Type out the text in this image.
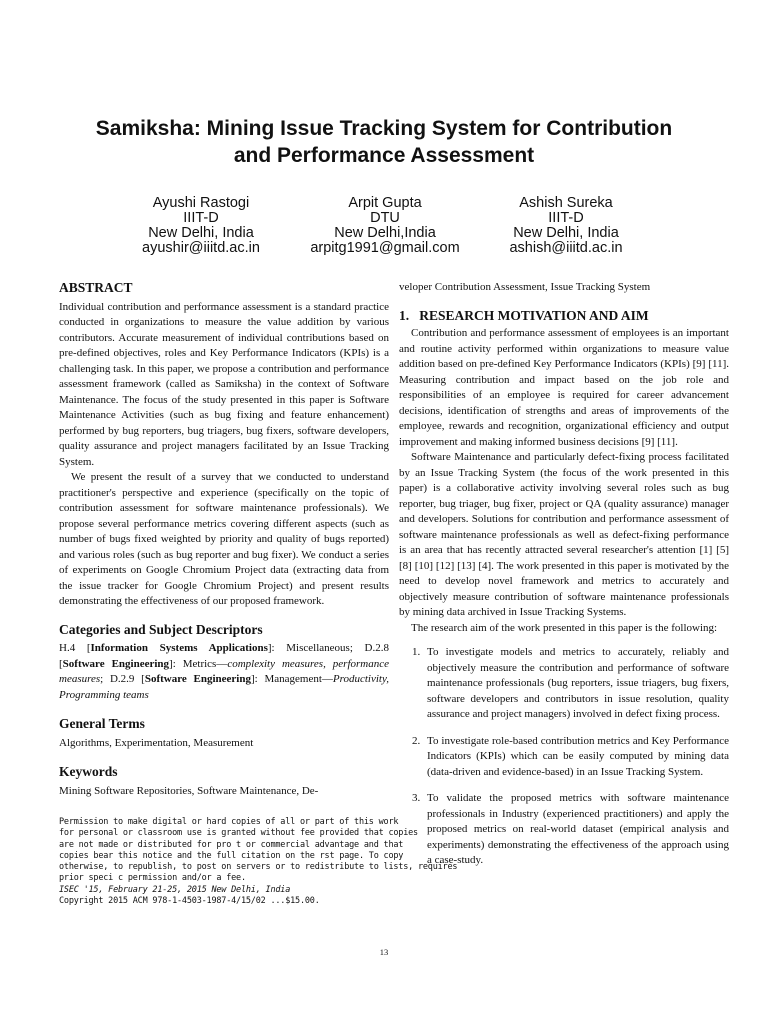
Samiksha: Mining Issue Tracking System for Contribution
and Performance Assessment
Ayushi Rastogi
IIIT-D
New Delhi, India
ayushir@iiitd.ac.in
Arpit Gupta
DTU
New Delhi,India
arpitg1991@gmail.com
Ashish Sureka
IIIT-D
New Delhi, India
ashish@iiitd.ac.in
ABSTRACT

Individual contribution and performance assessment is a standard practice conducted in organizations to measure the value addition by various contributors. Accurate measurement of individual contributions based on pre-defined objectives, roles and Key Performance Indicators (KPIs) is a challenging task. In this paper, we propose a contribution and performance assessment framework (called as Samiksha) in the context of Software Maintenance. The focus of the study presented in this paper is Software Maintenance Activities (such as bug fixing and feature enhancement) performed by bug reporters, bug triagers, bug fixers, software developers, quality assurance and project managers facilitated by an Issue Tracking System.

We present the result of a survey that we conducted to understand practitioner's perspective and experience (specifically on the topic of contribution assessment for software maintenance professionals). We propose several performance metrics covering different aspects (such as number of bugs fixed weighted by priority and quality of bugs reported) and various roles (such as bug reporter and bug fixer). We conduct a series of experiments on Google Chromium Project data (extracting data from the issue tracker for Google Chromium Project) and present results demonstrating the effectiveness of our proposed framework.

Categories and Subject Descriptors

H.4 [Information Systems Applications]: Miscellaneous; D.2.8 [Software Engineering]: Metrics—complexity measures, performance measures; D.2.9 [Software Engineering]: Management—Productivity, Programming teams

General Terms

Algorithms, Experimentation, Measurement

Keywords

Mining Software Repositories, Software Maintenance, De-

Permission to make digital or hard copies of all or part of this work
for personal or classroom use is granted without fee provided that copies
are not made or distributed for pro t or commercial advantage and that
copies bear this notice and the full citation on the rst page. To copy
otherwise, to republish, to post on servers or to redistribute to lists, requires
prior speci c permission and/or a fee.
ISEC '15, February 21-25, 2015 New Delhi, India
Copyright 2015 ACM 978-1-4503-1987-4/15/02 ...$15.00.

veloper Contribution Assessment, Issue Tracking System

1.   RESEARCH MOTIVATION AND AIM

Contribution and performance assessment of employees is an important and routine activity performed within organizations to measure value addition based on pre-defined Key Performance Indicators (KPIs) [9] [11]. Measuring contribution and impact based on the job role and responsibilities of an employee is required for career advancement decisions, identification of strengths and areas of improvements of the employee, rewards and recognition, organizational efficiency and output improvement and making informed business decisions [9] [11].

Software Maintenance and particularly defect-fixing process facilitated by an Issue Tracking System (the focus of the work presented in this paper) is a collaborative activity involving several roles such as bug reporter, bug triager, bug fixer, project or QA (quality assurance) manager and developers. Solutions for contribution and performance assessment of software maintenance professionals as well as defect-fixing performance is an area that has recently attracted several researcher's attention [1] [5] [8] [10] [12] [13] [4]. The work presented in this paper is motivated by the need to develop novel framework and metrics to accurately and objectively measure contribution of software maintenance professionals by mining data archived in Issue Tracking Systems.

The research aim of the work presented in this paper is the following:

1. To investigate models and metrics to accurately, reliably and objectively measure the contribution and performance of software maintenance professionals (bug reporters, issue triagers, bug fixers, software developers and contributors in issue resolution, quality assurance and project managers) involved in defect fixing process.
2. To investigate role-based contribution metrics and Key Performance Indicators (KPIs) which can be easily computed by mining data (data-driven and evidence-based) in an Issue Tracking System.
3. To validate the proposed metrics with software maintenance professionals in Industry (experienced practitioners) and apply the proposed metrics on real-world dataset (empirical analysis and experiments) demonstrating the effectiveness of the approach using a case-study.
13
